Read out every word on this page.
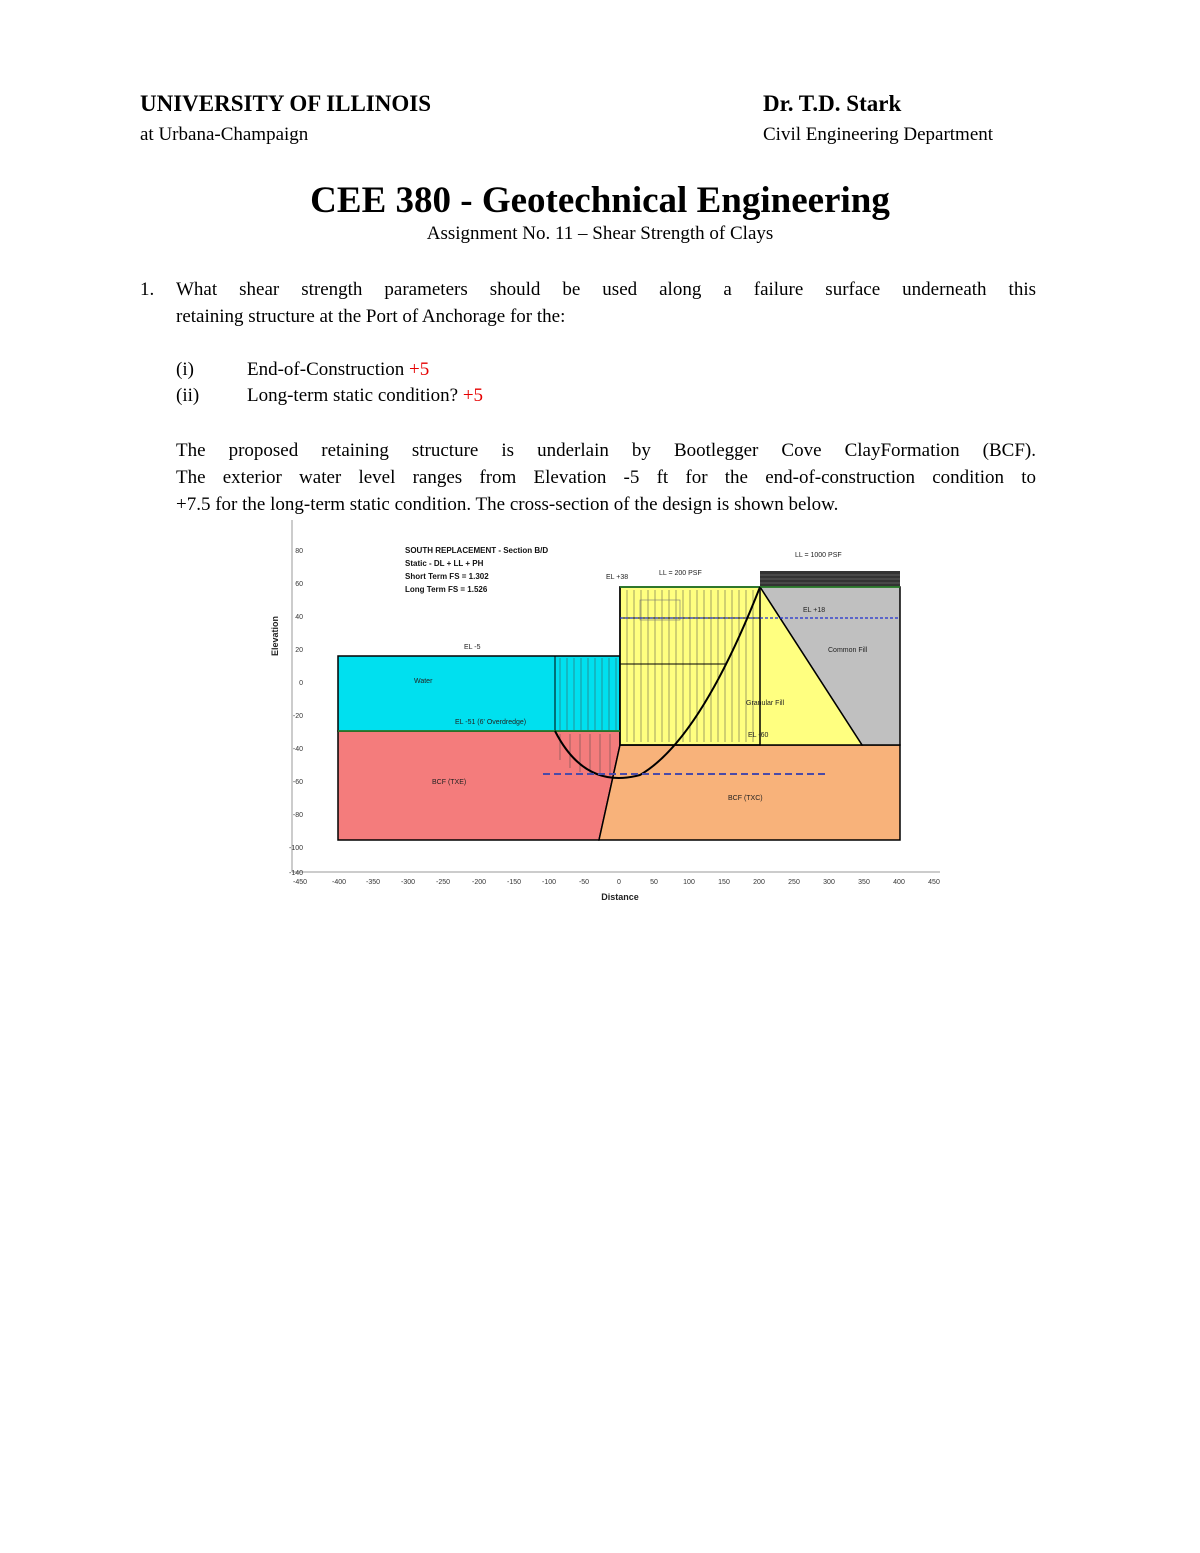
UNIVERSITY OF ILLINOIS
at Urbana-Champaign
Dr. T.D. Stark
Civil Engineering Department
CEE 380 - Geotechnical Engineering
Assignment No. 11 – Shear Strength of Clays
1. What shear strength parameters should be used along a failure surface underneath this
retaining structure at the Port of Anchorage for the:
(i)	End-of-Construction +5
(ii)	Long-term static condition? +5
The proposed retaining structure is underlain by Bootlegger Cove ClayFormation (BCF).
The exterior water level ranges from Elevation -5 ft for the end-of-construction condition to
+7.5 for the long-term static condition. The cross-section of the design is shown below.
80
60
40
20
0
-20
-40
-60
-80
-100
-140
-450	-400	-350	-300	-250	-200	-150	-100	-50	0	50	100	150	200	250	300	350	400	450
Distance
Elevation
SOUTH REPLACEMENT - Section B/D
Static - DL + LL + PH
Short Term FS = 1.302
Long Term FS = 1.526
LL = 1000 PSF
LL = 200 PSF
EL +38
EL +18
EL -5
Water
EL -51 (6' Overdredge)
Common Fill
Granular Fill
EL -60
BCF (TXE)
BCF (TXC)
